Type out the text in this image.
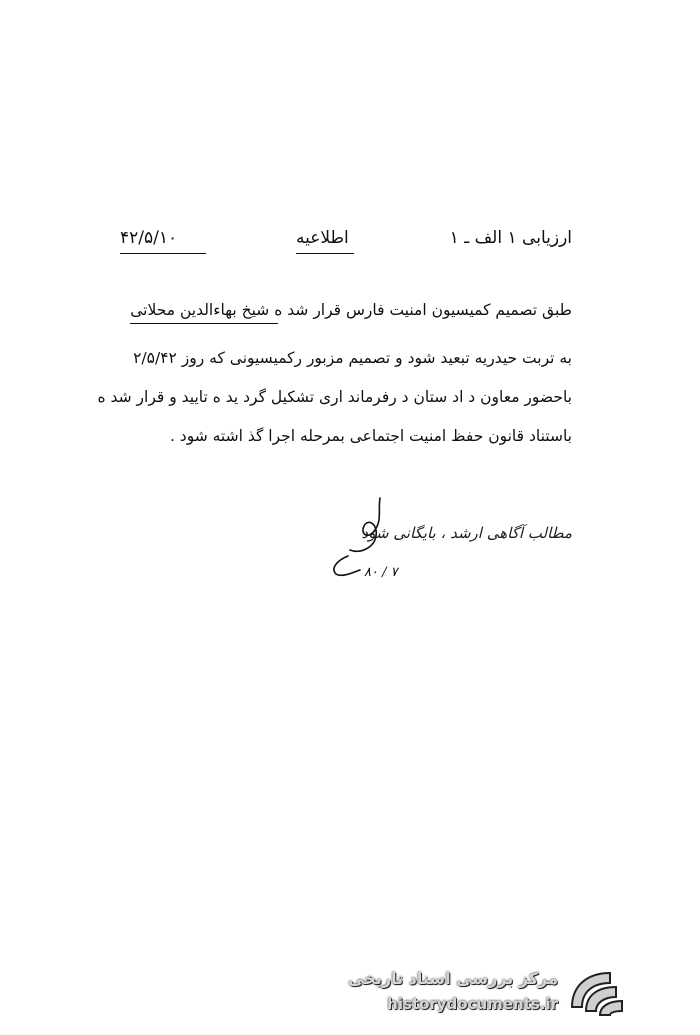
۴۲/۵/۱۰	اطلاعیه	ارزیابی ۱ الف ـ ۱
طبق تصمیم کمیسیون امنیت فارس قرار شد ه شیخ بهاءالدین محلاتی
به تربت حیدریه تبعید شود و تصمیم مزبور رکمیسیونی که روز ۲/۵/۴۲
باحضور معاون د اد ستان د رفرماند اری تشکیل گرد ید ه تایید و قرار شد ه
باستناد قانون حفظ امنیت اجتماعی بمرحله اجرا گذ اشته شود .
مطالب آگاهی ارشد ، بایگانی شود
۸۰ / ۷
مرکز بررسی اسناد تاریخی
historydocuments.ir
